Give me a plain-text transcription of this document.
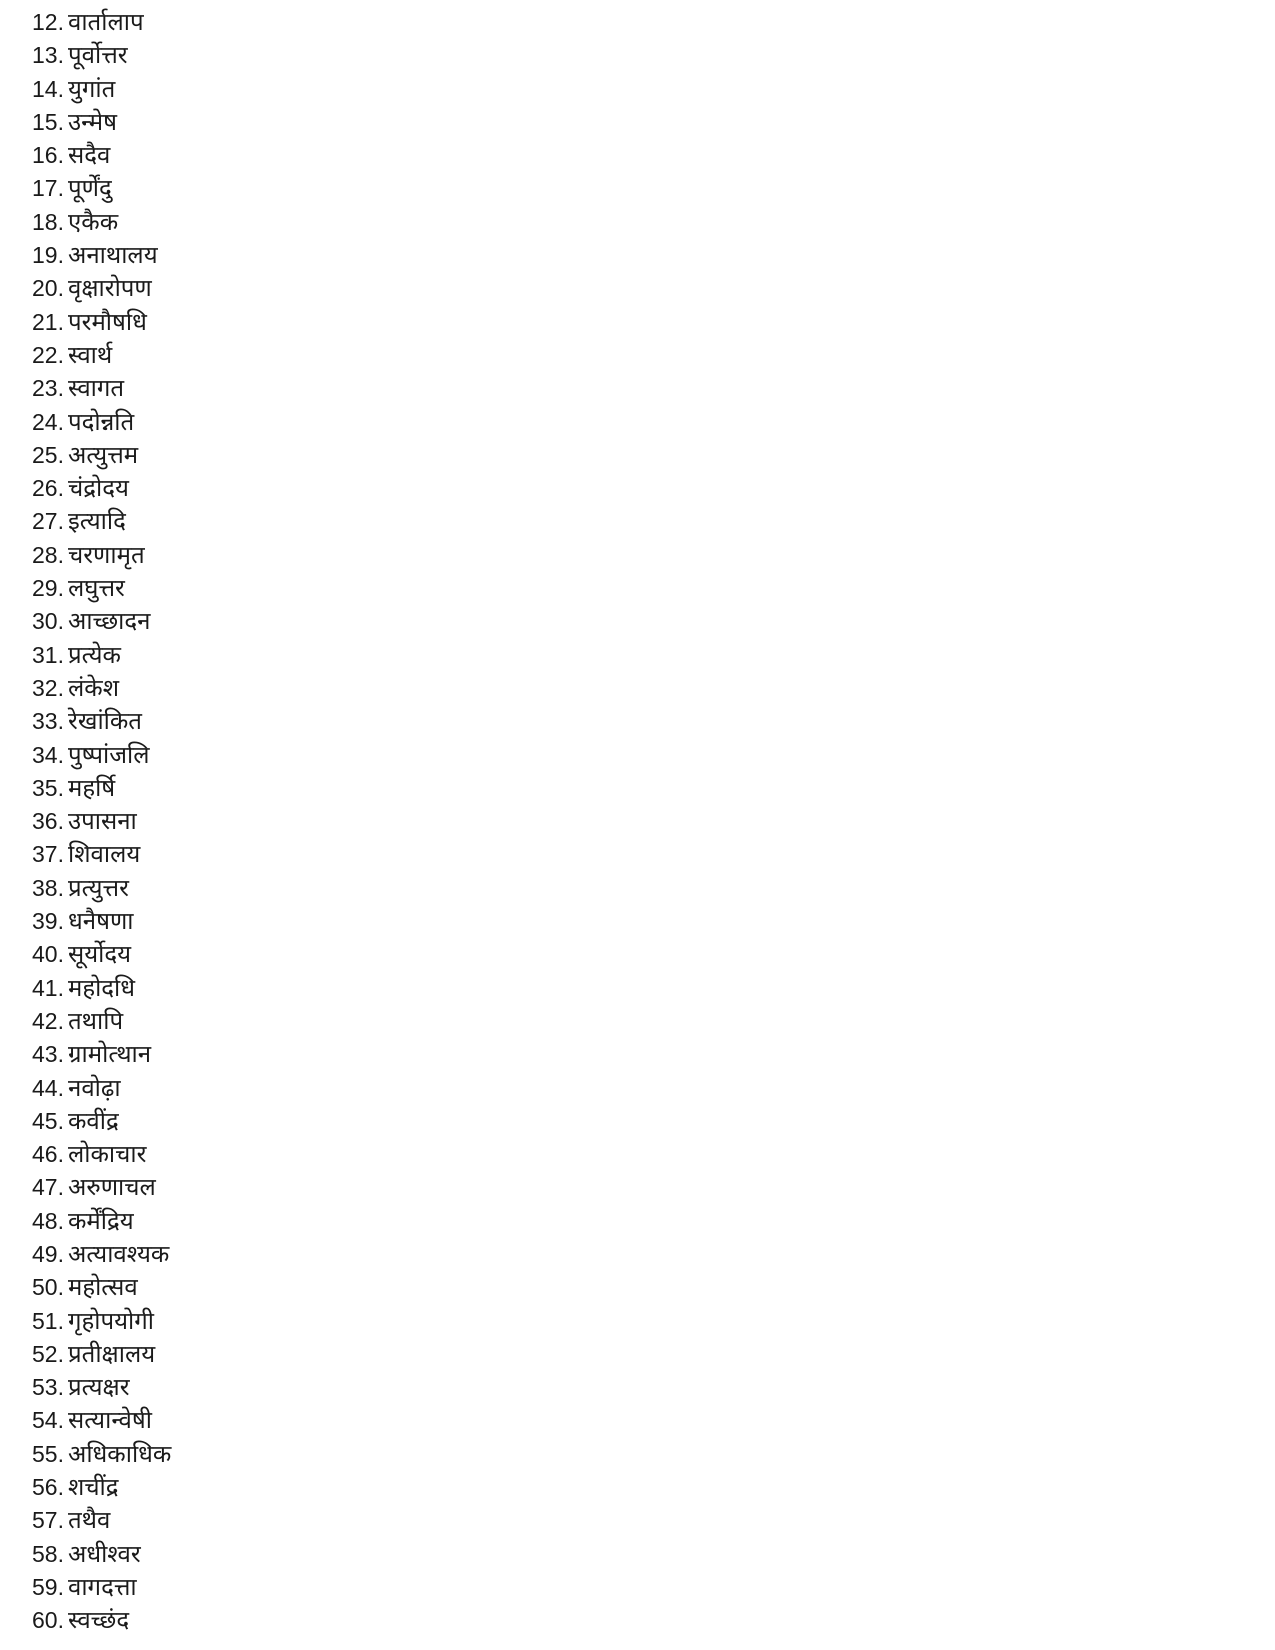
12. वार्तालाप
13. पूर्वोत्तर
14. युगांत
15. उन्मेष
16. सदैव
17. पूर्णेंदु
18. एकैक
19. अनाथालय
20. वृक्षारोपण
21. परमौषधि
22. स्वार्थ
23. स्वागत
24. पदोन्नति
25. अत्युत्तम
26. चंद्रोदय
27. इत्यादि
28. चरणामृत
29. लघुत्तर
30. आच्छादन
31. प्रत्येक
32. लंकेश
33. रेखांकित
34. पुष्पांजलि
35. महर्षि
36. उपासना
37. शिवालय
38. प्रत्युत्तर
39. धनैषणा
40. सूर्योदय
41. महोदधि
42. तथापि
43. ग्रामोत्थान
44. नवोढ़ा
45. कवींद्र
46. लोकाचार
47. अरुणाचल
48. कर्मेंद्रिय
49. अत्यावश्यक
50. महोत्सव
51. गृहोपयोगी
52. प्रतीक्षालय
53. प्रत्यक्षर
54. सत्यान्वेषी
55. अधिकाधिक
56. शचींद्र
57. तथैव
58. अधीश्वर
59. वागदत्ता
60. स्वच्छंद
